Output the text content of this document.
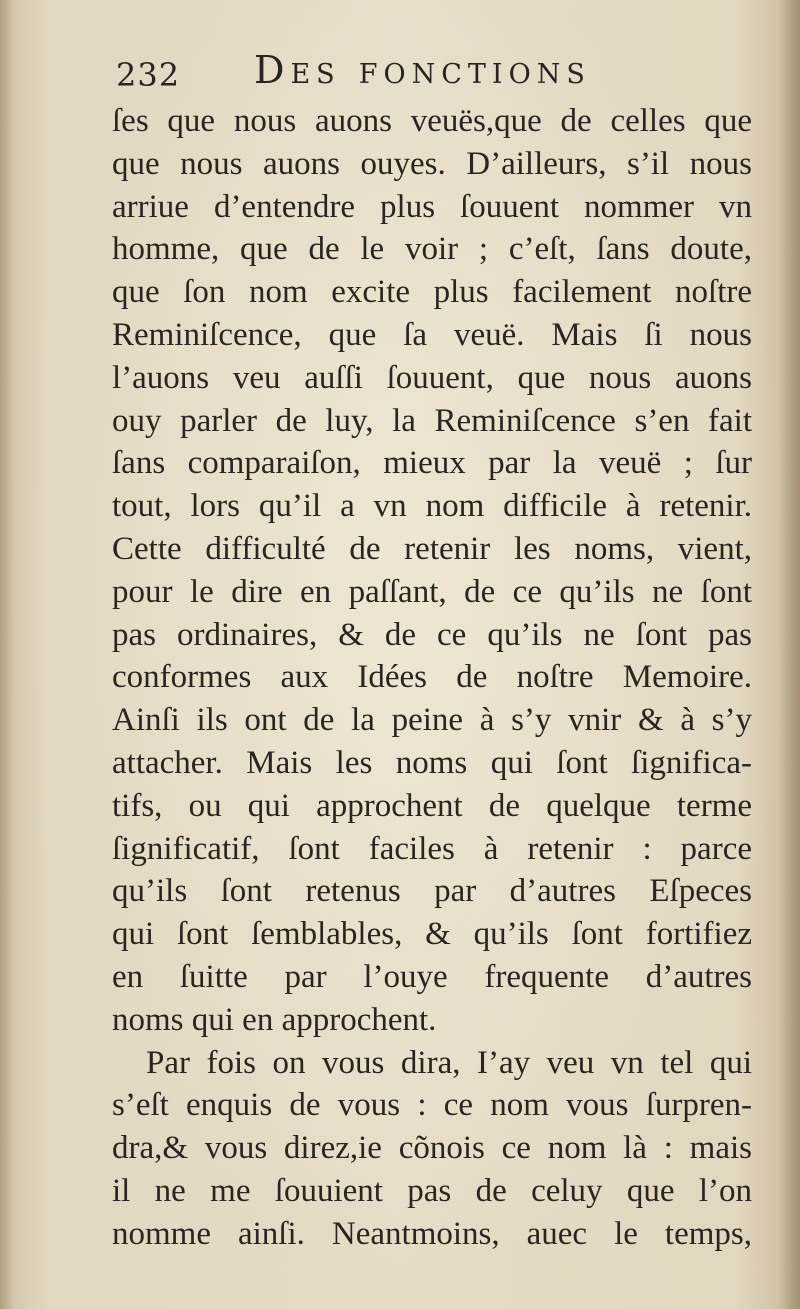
232 Des fonctions
ſes que nous auons veuës,que de celles que
que nous auons ouyes. D’ailleurs, s’il nous
arriue d’entendre plus ſouuent nommer vn
homme, que de le voir ; c’eſt, ſans doute,
que ſon nom excite plus facilement noſtre
Reminiſcence, que ſa veuë. Mais ſi nous
l’auons veu auſſi ſouuent, que nous auons
ouy parler de luy, la Reminiſcence s’en fait
ſans comparaiſon, mieux par la veuë ; ſur
tout, lors qu’il a vn nom difficile à retenir.
Cette difficulté de retenir les noms, vient,
pour le dire en paſſant, de ce qu’ils ne ſont
pas ordinaires, & de ce qu’ils ne ſont pas
conformes aux Idées de noſtre Memoire.
Ainſi ils ont de la peine à s’y vnir & à s’y
attacher. Mais les noms qui ſont ſignifica-
tifs, ou qui approchent de quelque terme
ſignificatif, ſont faciles à retenir : parce
qu’ils ſont retenus par d’autres Eſpeces
qui ſont ſemblables, & qu’ils ſont fortifiez
en ſuitte par l’ouye frequente d’autres
noms qui en approchent.
Par fois on vous dira, I’ay veu vn tel qui
s’eſt enquis de vous : ce nom vous ſurpren-
dra,& vous direz,ie cõnois ce nom là : mais
il ne me ſouuient pas de celuy que l’on
nomme ainſi. Neantmoins, auec le temps,
